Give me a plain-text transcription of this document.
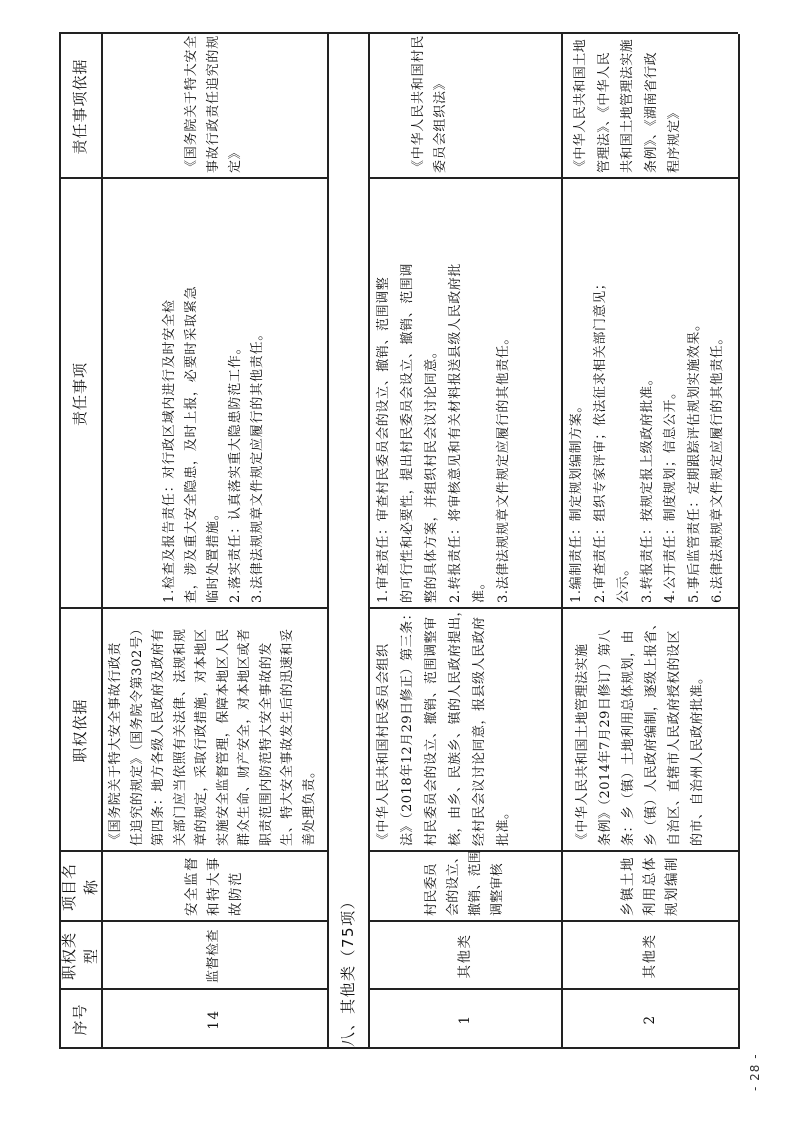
序号
职权类型
项目名称
职权依据
责任事项
责任事项依据
14
监督检查
安全监督 和特大事 故防范
《国务院关于特大安全事故行政责 任追究的规定》（国务院令第302号） 第四条：地方各级人民政府及政府有 关部门应当依照有关法律、法规和规 章的规定，采取行政措施，对本地区 实施安全监督管理，保障本地区人民 群众生命、财产安全，对本地区或者 职责范围内防范特大安全事故的发 生、特大安全事故发生后的迅速和妥 善处理负责。
1.检查及报告责任：对行政区域内进行及时安全检 查，涉及重大安全隐患，及时上报，必要时采取紧急 临时处置措施。 2.落实责任：认真落实重大隐患防范工作。 3.法律法规规章文件规定应履行的其他责任。
《国务院关于特大安全 事故行政责任追究的规 定》
八、其他类（75项）	1
其他类
村民委员 会的设立、 撤销、范围 调整审核
《中华人民共和国村民委员会组织 法》（2018年12月29日修正）第三条： 村民委员会的设立、撤销、范围调整审 核，由乡、民族乡、镇的人民政府提出， 经村民会议讨论同意，报县级人民政府 批准。
1.审查责任：审查村民委员会的设立、撤销、范围调整 的可行性和必要性，提出村民委员会设立、撤销、范围调 整的具体方案，并组织村民会议讨论同意。 2.转报责任：将审核意见和有关材料报送县级人民政府批 准。 3.法律法规规章文件规定应履行的其他责任。
《中华人民共和国村民 委员会组织法》
2
其他类
乡镇土地 利用总体 规划编制
《中华人民共和国土地管理法实施 条例》（2014年7月29日修订）第八 条：乡（镇）土地利用总体规划，由 乡（镇）人民政府编制，逐级上报省、 自治区、直辖市人民政府授权的设区 的市、自治州人民政府批准。
1.编制责任：制定规划编制方案。 2.审查责任：组织专家评审；依法征求相关部门意见； 公示。 3.转报责任：按规定报上级政府批准。 4.公开责任：制度规划；信息公开。 5.事后监管责任：定期跟踪评估规划实施效果。 6.法律法规规章文件规定应履行的其他责任。
《中华人民共和国土地 管理法》、《中华人民 共和国土地管理法实施 条例》、《湖南省行政 程序规定》
- 28 -
